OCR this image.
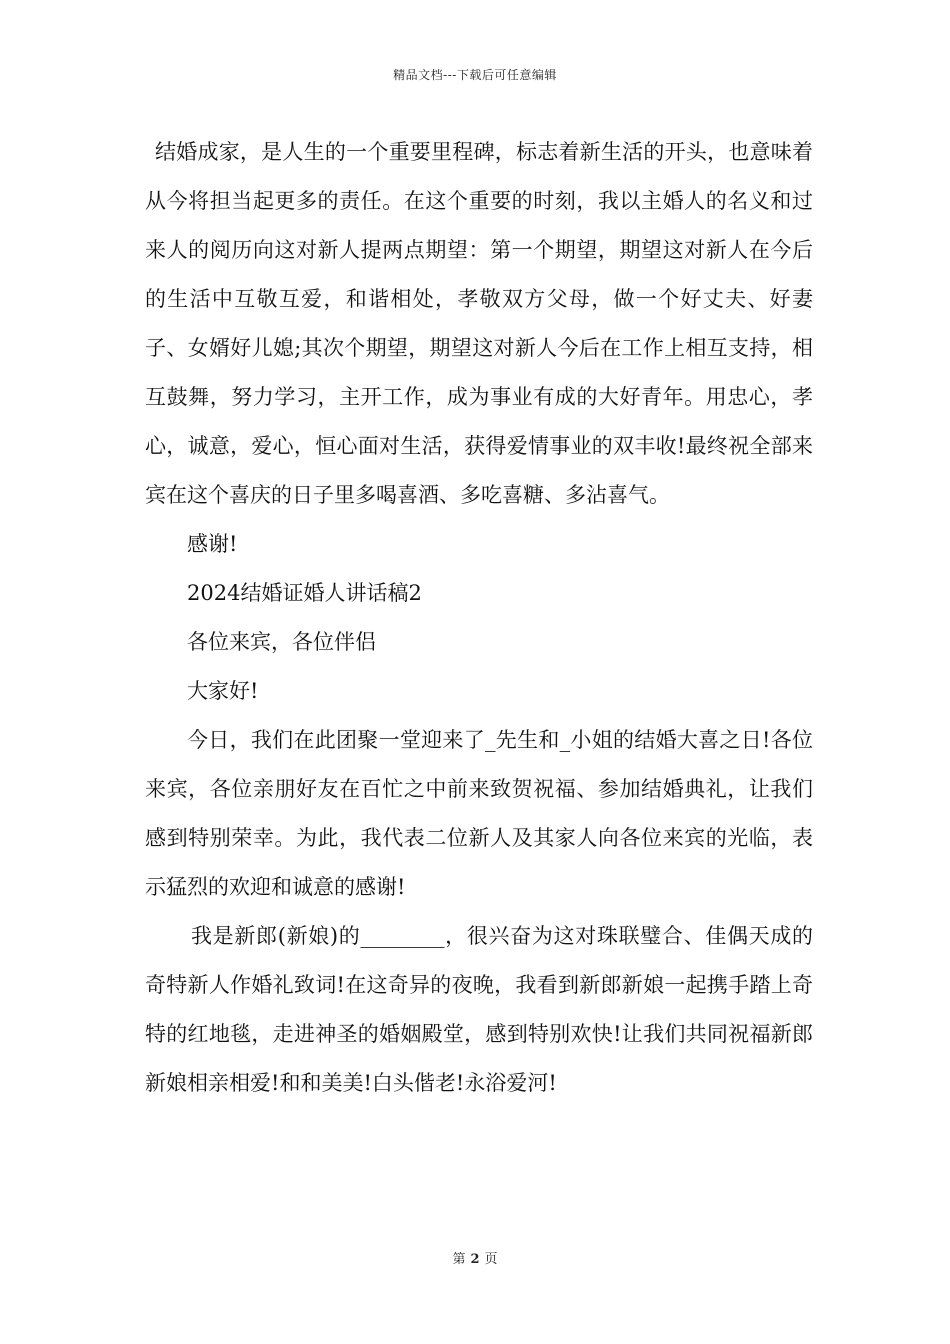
精品文档---下载后可任意编辑

结婚成家，是人生的一个重要里程碑，标志着新生活的开头，也意味着从今将担当起更多的责任。在这个重要的时刻，我以主婚人的名义和过来人的阅历向这对新人提两点期望：第一个期望，期望这对新人在今后的生活中互敬互爱，和谐相处，孝敬双方父母，做一个好丈夫、好妻子、女婿好儿媳;其次个期望，期望这对新人今后在工作上相互支持，相互鼓舞，努力学习，主开工作，成为事业有成的大好青年。用忠心，孝心，诚意，爱心，恒心面对生活，获得爱情事业的双丰收!最终祝全部来宾在这个喜庆的日子里多喝喜酒、多吃喜糖、多沾喜气。

感谢!

2024结婚证婚人讲话稿2

各位来宾，各位伴侣

大家好!

今日，我们在此团聚一堂迎来了_先生和_小姐的结婚大喜之日!各位来宾，各位亲朋好友在百忙之中前来致贺祝福、参加结婚典礼，让我们感到特别荣幸。为此，我代表二位新人及其家人向各位来宾的光临，表示猛烈的欢迎和诚意的感谢!

我是新郎(新娘)的________，很兴奋为这对珠联璧合、佳偶天成的奇特新人作婚礼致词!在这奇异的夜晚，我看到新郎新娘一起携手踏上奇特的红地毯，走进神圣的婚姻殿堂，感到特别欢快!让我们共同祝福新郎新娘相亲相爱!和和美美!白头偕老!永浴爱河!

第 2 页
